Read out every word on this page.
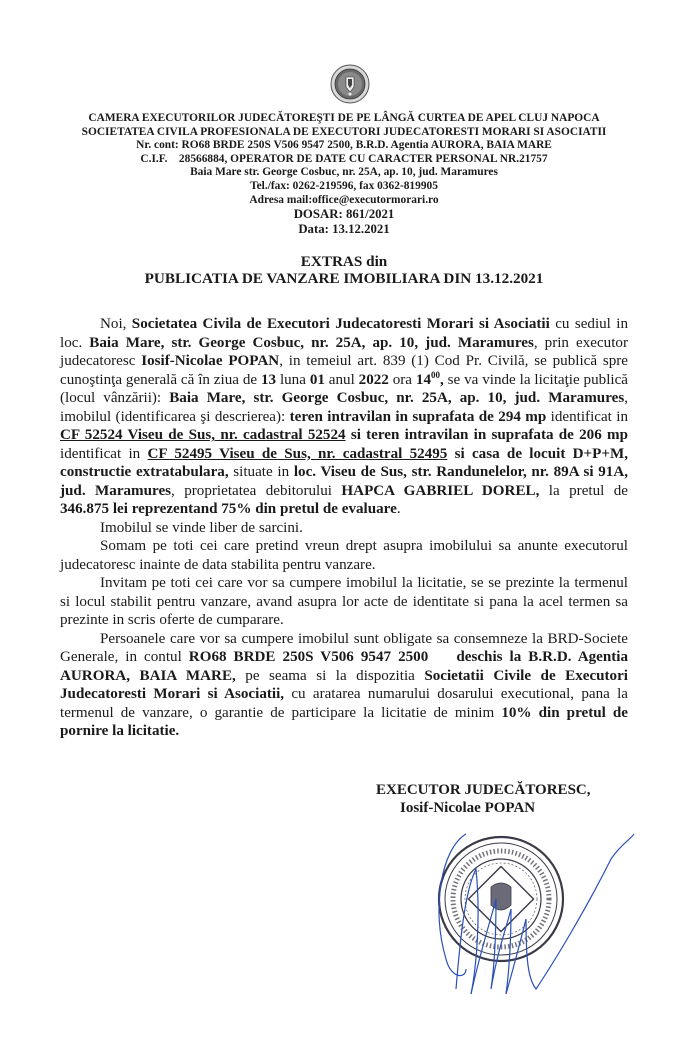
CAMERA EXECUTORILOR JUDECĂTOREŞTI DE PE LÂNGĂ CURTEA DE APEL CLUJ NAPOCA
SOCIETATEA CIVILA PROFESIONALA DE EXECUTORI JUDECATORESTI MORARI SI ASOCIATII
Nr. cont: RO68 BRDE 250S V506 9547 2500, B.R.D. Agentia AURORA, BAIA MARE
C.I.F.    28566884, OPERATOR DE DATE CU CARACTER PERSONAL NR.21757
Baia Mare str. George Cosbuc, nr. 25A, ap. 10, jud. Maramures
Tel./fax: 0262-219596, fax 0362-819905
Adresa mail:office@executormorari.ro
DOSAR: 861/2021
Data: 13.12.2021
EXTRAS din
PUBLICATIA DE VANZARE IMOBILIARA DIN 13.12.2021

Noi, Societatea Civila de Executori Judecatoresti Morari si Asociatii cu sediul in loc. Baia Mare, str. George Cosbuc, nr. 25A, ap. 10, jud. Maramures, prin executor judecatoresc Iosif-Nicolae POPAN, in temeiul art. 839 (1) Cod Pr. Civilă, se publică spre cunoştinţa generală că în ziua de 13 luna 01 anul 2022 ora $14^{00}$, se va vinde la licitaţie publică (locul vânzării): Baia Mare, str. George Cosbuc, nr. 25A, ap. 10, jud. Maramures, imobilul (identificarea şi descrierea): teren intravilan in suprafata de 294 mp identificat in CF 52524 Viseu de Sus, nr. cadastral 52524 si teren intravilan in suprafata de 206 mp identificat in CF 52495 Viseu de Sus, nr. cadastral 52495 si casa de locuit D+P+M, constructie extratabulara, situate in loc. Viseu de Sus, str. Randunelelor, nr. 89A si 91A, jud. Maramures, proprietatea debitorului HAPCA GABRIEL DOREL, la pretul de 346.875 lei reprezentand 75% din pretul de evaluare.

Imobilul se vinde liber de sarcini.

Somam pe toti cei care pretind vreun drept asupra imobilului sa anunte executorul judecatoresc inainte de data stabilita pentru vanzare.

Invitam pe toti cei care vor sa cumpere imobilul la licitatie, se se prezinte la termenul si locul stabilit pentru vanzare, avand asupra lor acte de identitate si pana la acel termen sa prezinte in scris oferte de cumparare.

Persoanele care vor sa cumpere imobilul sunt obligate sa consemneze la BRD-Societe Generale, in contul RO68 BRDE 250S V506 9547 2500    deschis la B.R.D. Agentia AURORA, BAIA MARE, pe seama si la dispozitia Societatii Civile de Executori Judecatoresti Morari si Asociatii, cu aratarea numarului dosarului executional, pana la termenul de vanzare, o garantie de participare la licitatie de minim 10% din pretul de pornire la licitatie.

EXECUTOR JUDECĂTORESC,
Iosif-Nicolae POPAN
